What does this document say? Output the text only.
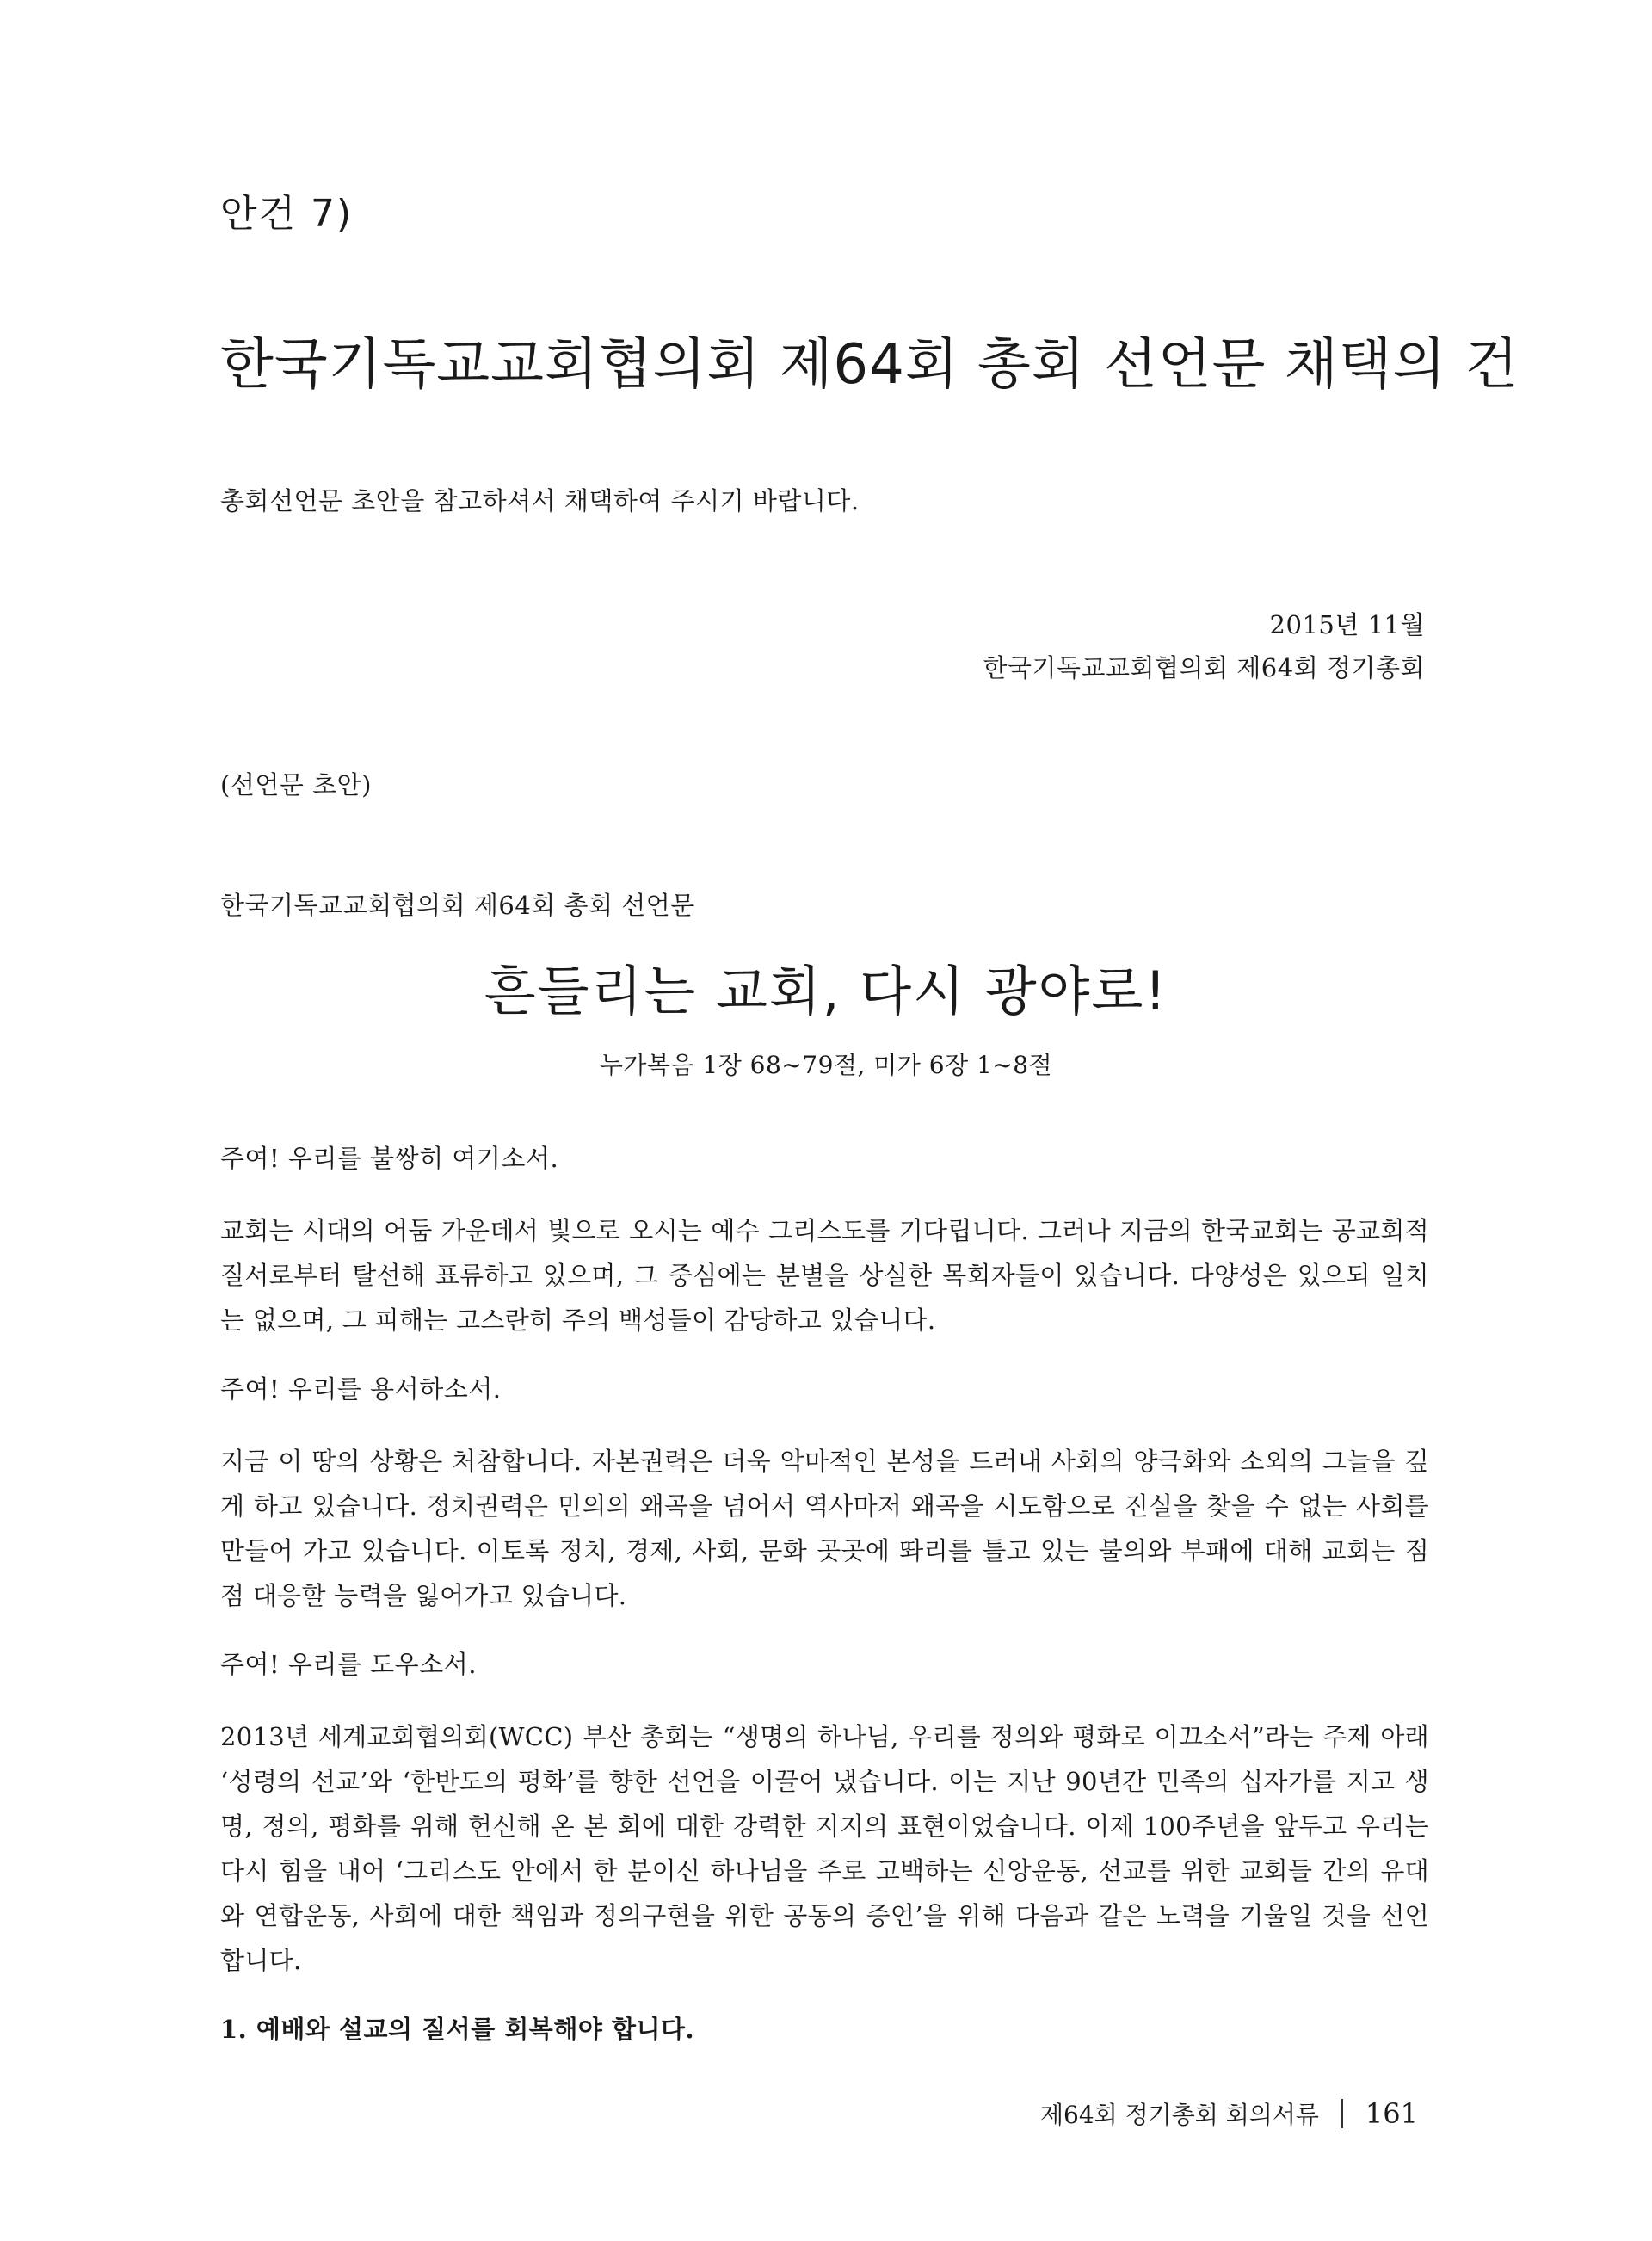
안건 7)

한국기독교교회협의회 제64회 총회 선언문 채택의 건

총회선언문 초안을 참고하셔서 채택하여 주시기 바랍니다.

2015년 11월

한국기독교교회협의회 제64회 정기총회

(선언문 초안)

한국기독교교회협의회 제64회 총회 선언문

흔들리는 교회, 다시 광야로!

누가복음 1장 68~79절, 미가 6장 1~8절

주여! 우리를 불쌍히 여기소서.

교회는 시대의 어둠 가운데서 빛으로 오시는 예수 그리스도를 기다립니다. 그러나 지금의 한국교회는 공교회적 질서로부터 탈선해 표류하고 있으며, 그 중심에는 분별을 상실한 목회자들이 있습니다. 다양성은 있으되 일치는 없으며, 그 피해는 고스란히 주의 백성들이 감당하고 있습니다.

주여! 우리를 용서하소서.

지금 이 땅의 상황은 처참합니다. 자본권력은 더욱 악마적인 본성을 드러내 사회의 양극화와 소외의 그늘을 깊게 하고 있습니다. 정치권력은 민의의 왜곡을 넘어서 역사마저 왜곡을 시도함으로 진실을 찾을 수 없는 사회를 만들어 가고 있습니다. 이토록 정치, 경제, 사회, 문화 곳곳에 똬리를 틀고 있는 불의와 부패에 대해 교회는 점점 대응할 능력을 잃어가고 있습니다.

주여! 우리를 도우소서.

2013년 세계교회협의회(WCC) 부산 총회는 “생명의 하나님, 우리를 정의와 평화로 이끄소서”라는 주제 아래 ‘성령의 선교’와 ‘한반도의 평화’를 향한 선언을 이끌어 냈습니다. 이는 지난 90년간 민족의 십자가를 지고 생명, 정의, 평화를 위해 헌신해 온 본 회에 대한 강력한 지지의 표현이었습니다. 이제 100주년을 앞두고 우리는 다시 힘을 내어 ‘그리스도 안에서 한 분이신 하나님을 주로 고백하는 신앙운동, 선교를 위한 교회들 간의 유대와 연합운동, 사회에 대한 책임과 정의구현을 위한 공동의 증언’을 위해 다음과 같은 노력을 기울일 것을 선언합니다.

1. 예배와 설교의 질서를 회복해야 합니다.

제64회 정기총회 회의서류 161
